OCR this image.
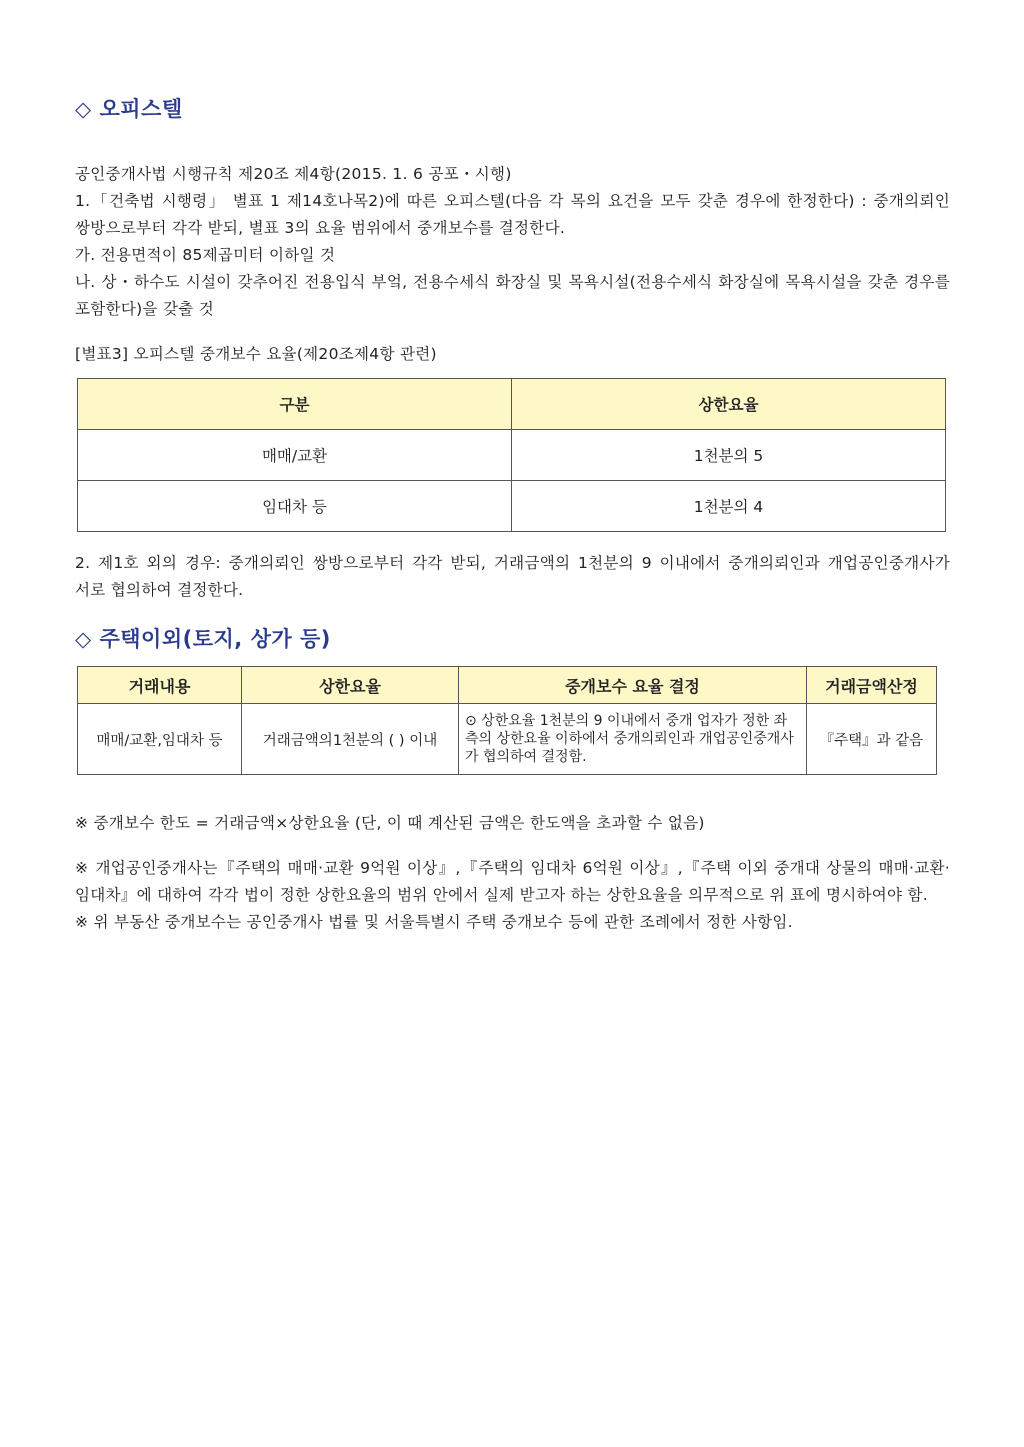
◇ 오피스텔

공인중개사법 시행규칙 제20조 제4항(2015. 1. 6 공포・시행)

1.「건축법 시행령」 별표 1 제14호나목2)에 따른 오피스텔(다음 각 목의 요건을 모두 갖춘 경우에 한정한다) : 중개의뢰인 쌍방으로부터 각각 받되, 별표 3의 요율 범위에서 중개보수를 결정한다.

가. 전용면적이 85제곱미터 이하일 것

나. 상・하수도 시설이 갖추어진 전용입식 부엌, 전용수세식 화장실 및 목욕시설(전용수세식 화장실에 목욕시설을 갖춘 경우를 포함한다)을 갖출 것

[별표3] 오피스텔 중개보수 요율(제20조제4항 관련)

구분	상한요율
매매/교환	1천분의 5
임대차 등	1천분의 4

2. 제1호 외의 경우: 중개의뢰인 쌍방으로부터 각각 받되, 거래금액의 1천분의 9 이내에서 중개의뢰인과 개업공인중개사가 서로 협의하여 결정한다.

◇ 주택이외(토지, 상가 등)
거래내용	상한요율	중개보수 요율 결정	거래금액산정
매매/교환,임대차 등	거래금액의1천분의 ( ) 이내	⊙ 상한요율 1천분의 9 이내에서 중개 업자가 정한 좌측의 상한요율 이하에서 중개의뢰인과 개업공인중개사가 협의하여 결정함.	『주택』과 같음

※ 중개보수 한도 = 거래금액×상한요율 (단, 이 때 계산된 금액은 한도액을 초과할 수 없음)

※ 개업공인중개사는『주택의 매매·교환 9억원 이상』,『주택의 임대차 6억원 이상』,『주택 이외 중개대 상물의 매매·교환·임대차』에 대하여 각각 법이 정한 상한요율의 범위 안에서 실제 받고자 하는 상한요율을 의무적으로 위 표에 명시하여야 함.

※ 위 부동산 중개보수는 공인중개사 법률 및 서울특별시 주택 중개보수 등에 관한 조례에서 정한 사항임.
